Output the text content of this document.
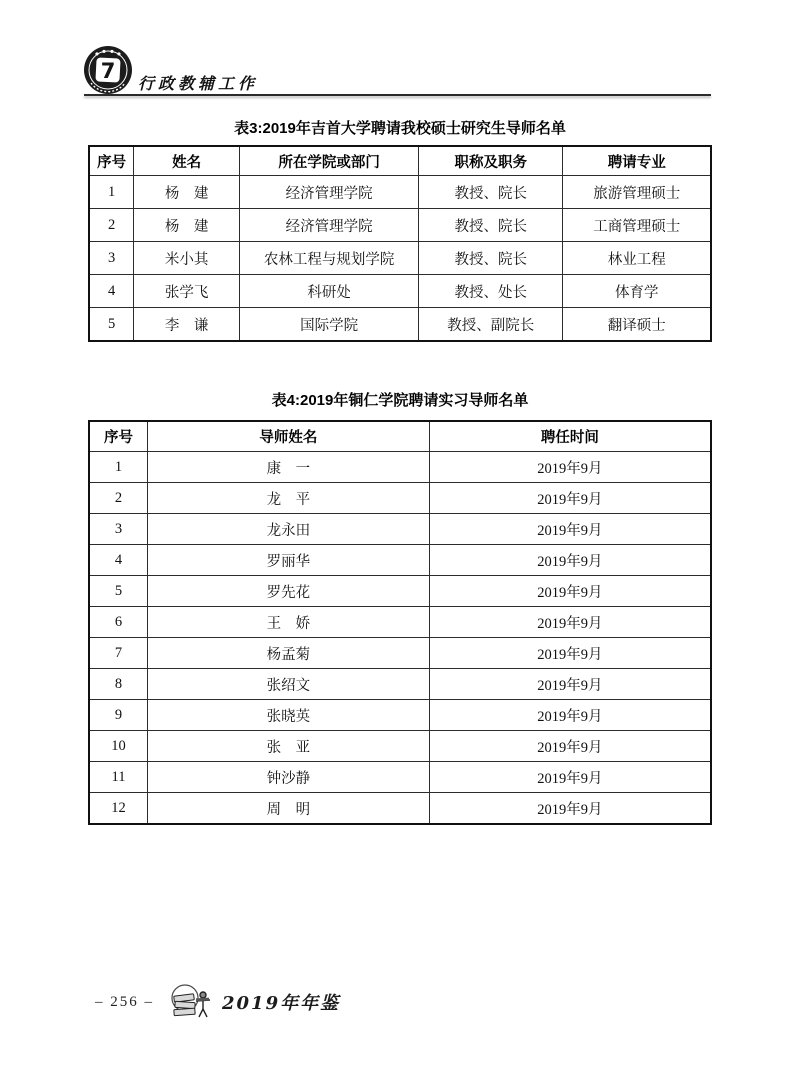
● ● ● ●
7
行政教辅工作
表3:2019年吉首大学聘请我校硕士研究生导师名单
序号	姓名	所在学院或部门	职称及职务	聘请专业
1	杨　建	经济管理学院	教授、院长	旅游管理硕士
2	杨　建	经济管理学院	教授、院长	工商管理硕士
3	米小其	农林工程与规划学院	教授、院长	林业工程
4	张学飞	科研处	教授、处长	体育学
5	李　谦	国际学院	教授、副院长	翻译硕士
表4:2019年铜仁学院聘请实习导师名单
序号	导师姓名	聘任时间
1	康　一	2019年9月
2	龙　平	2019年9月
3	龙永田	2019年9月
4	罗丽华	2019年9月
5	罗先花	2019年9月
6	王　娇	2019年9月
7	杨孟菊	2019年9月
8	张绍文	2019年9月
9	张晓英	2019年9月
10	张　亚	2019年9月
11	钟沙静	2019年9月
12	周　明	2019年9月
– 256 –	2019年年鉴
